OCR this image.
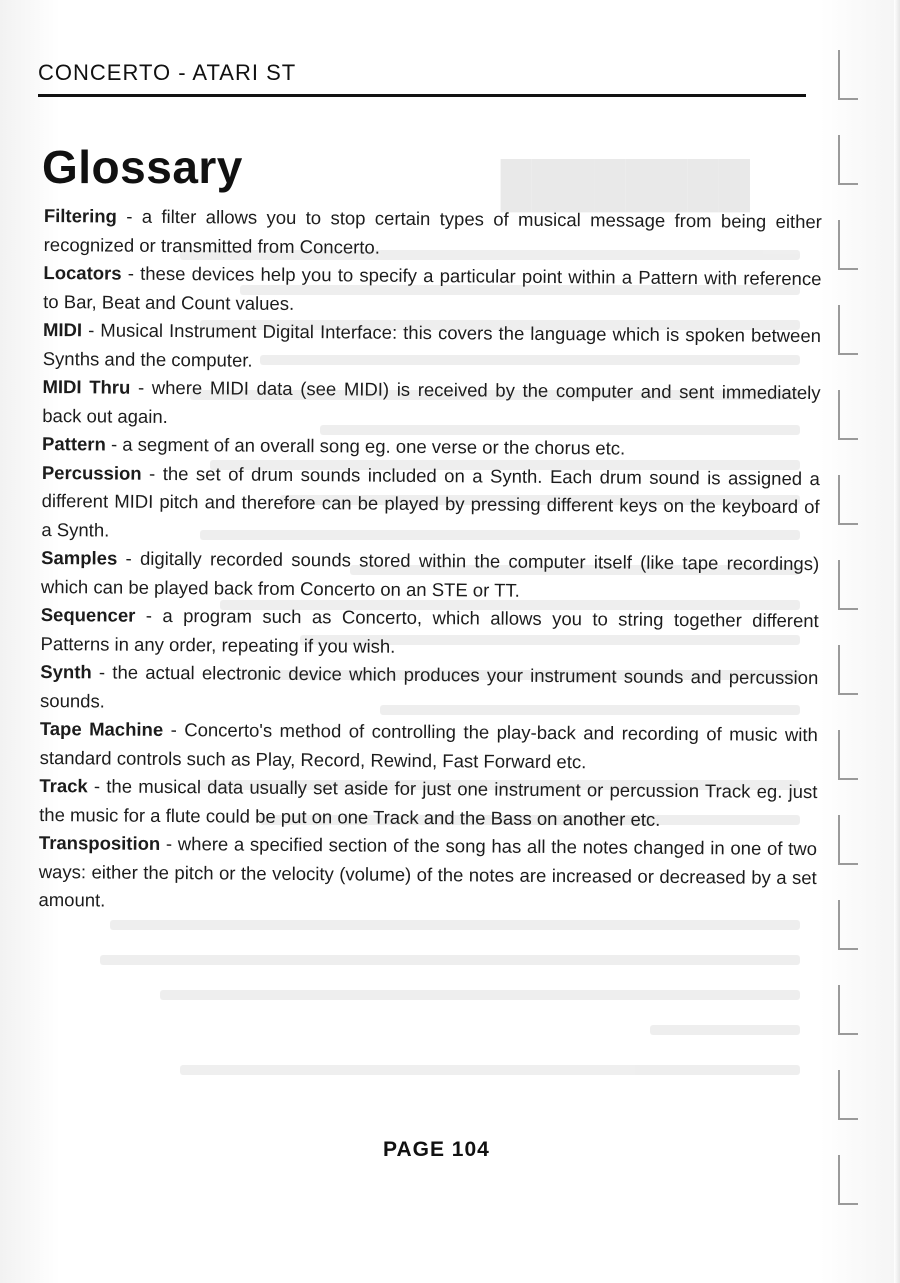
████████
CONCERTO - ATARI ST
Glossary

Filtering - a filter allows you to stop certain types of musical message from being either recognized or transmitted from Concerto.

Locators - these devices help you to specify a particular point within a Pattern with reference to Bar, Beat and Count values.

MIDI - Musical Instrument Digital Interface: this covers the language which is spoken between Synths and the computer.

MIDI Thru - where MIDI data (see MIDI) is received by the computer and sent immediately back out again.

Pattern - a segment of an overall song eg. one verse or the chorus etc.

Percussion - the set of drum sounds included on a Synth. Each drum sound is assigned a different MIDI pitch and therefore can be played by pressing different keys on the keyboard of a Synth.

Samples - digitally recorded sounds stored within the computer itself (like tape recordings) which can be played back from Concerto on an STE or TT.

Sequencer - a program such as Concerto, which allows you to string together different Patterns in any order, repeating if you wish.

Synth - the actual electronic device which produces your instrument sounds and percussion sounds.

Tape Machine - Concerto's method of controlling the play-back and recording of music with standard controls such as Play, Record, Rewind, Fast Forward etc.

Track - the musical data usually set aside for just one instrument or percussion Track eg. just the music for a flute could be put on one Track and the Bass on another etc.

Transposition - where a specified section of the song has all the notes changed in one of two ways: either the pitch or the velocity (volume) of the notes are increased or decreased by a set amount.

PAGE 104
